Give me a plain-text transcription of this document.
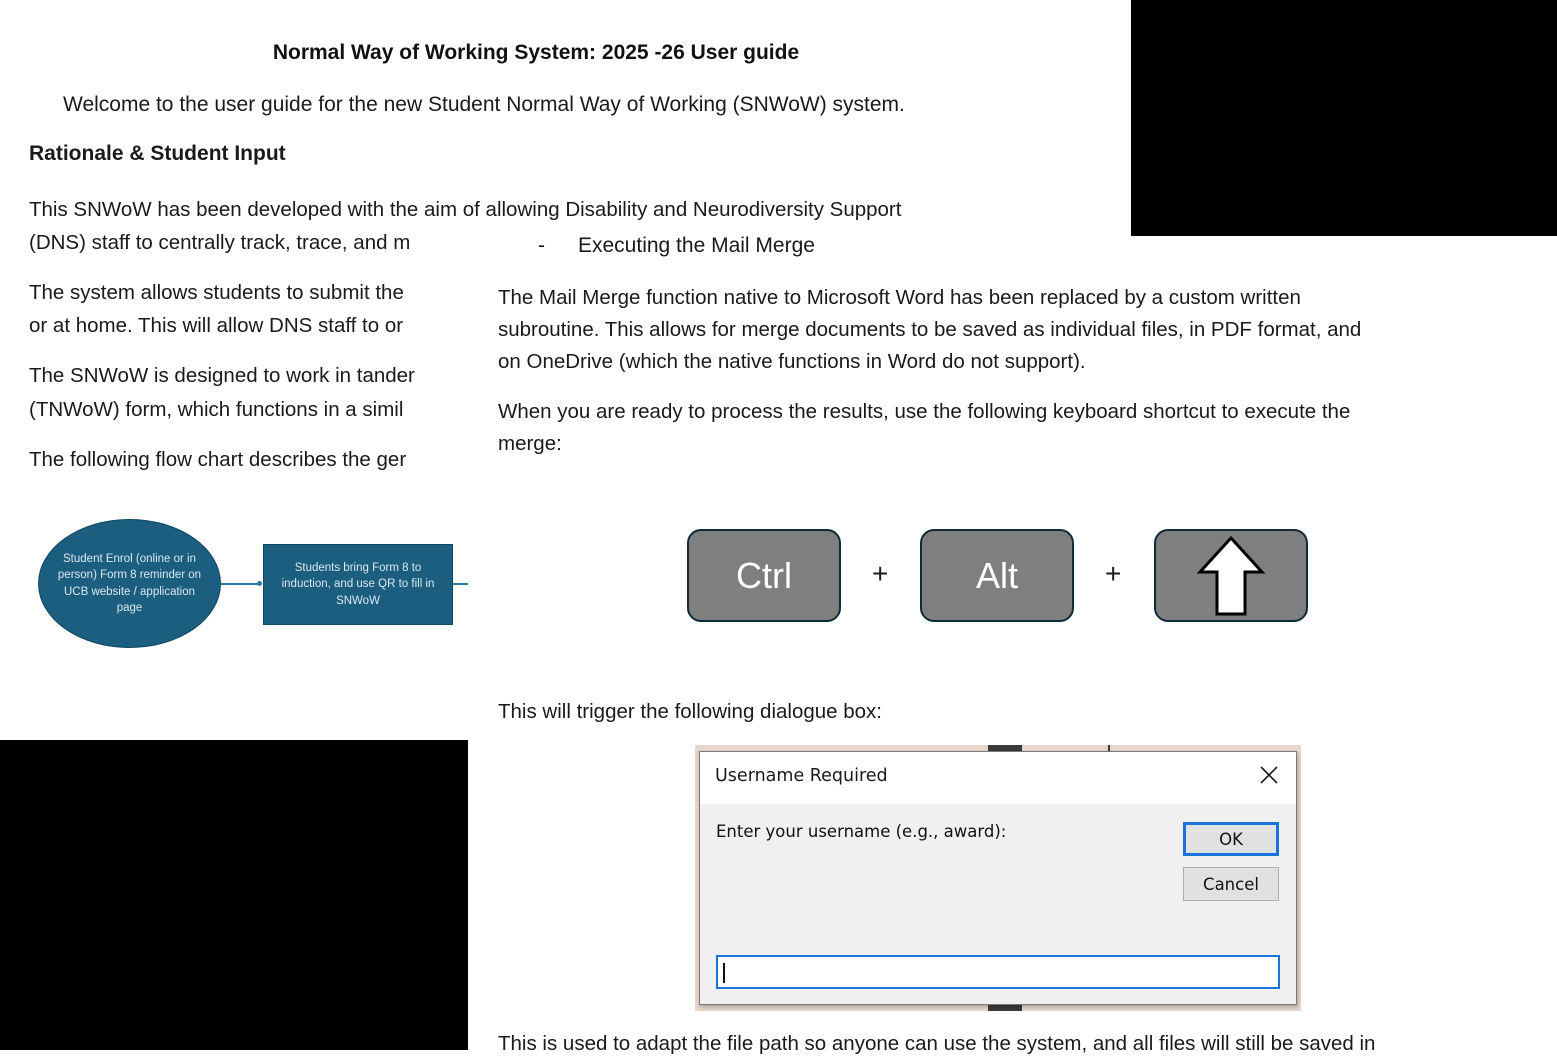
Normal Way of Working System: 2025 -26 User guide
Welcome to the user guide for the new Student Normal Way of Working (SNWoW) system.
Rationale & Student Input
This SNWoW has been developed with the aim of allowing Disability and Neurodiversity Support
(DNS) staff to centrally track, trace, and m
The system allows students to submit the
or at home. This will allow DNS staff to or
The SNWoW is designed to work in tander
(TNWoW) form, which functions in a simil
The following flow chart describes the ger
Student Enrol (online or in person) Form 8 reminder on UCB website / application page
Students bring Form 8 to induction, and use QR to fill in SNWoW
- Executing the Mail Merge
The Mail Merge function native to Microsoft Word has been replaced by a custom written
subroutine. This allows for merge documents to be saved as individual files, in PDF format, and
on OneDrive (which the native functions in Word do not support).
When you are ready to process the results, use the following keyboard shortcut to execute the
merge:
Ctrl	+ Alt	+
This will trigger the following dialogue box:
Username Required
Enter your username (e.g., award):	OK
Cancel
This is used to adapt the file path so anyone can use the system, and all files will still be saved in
